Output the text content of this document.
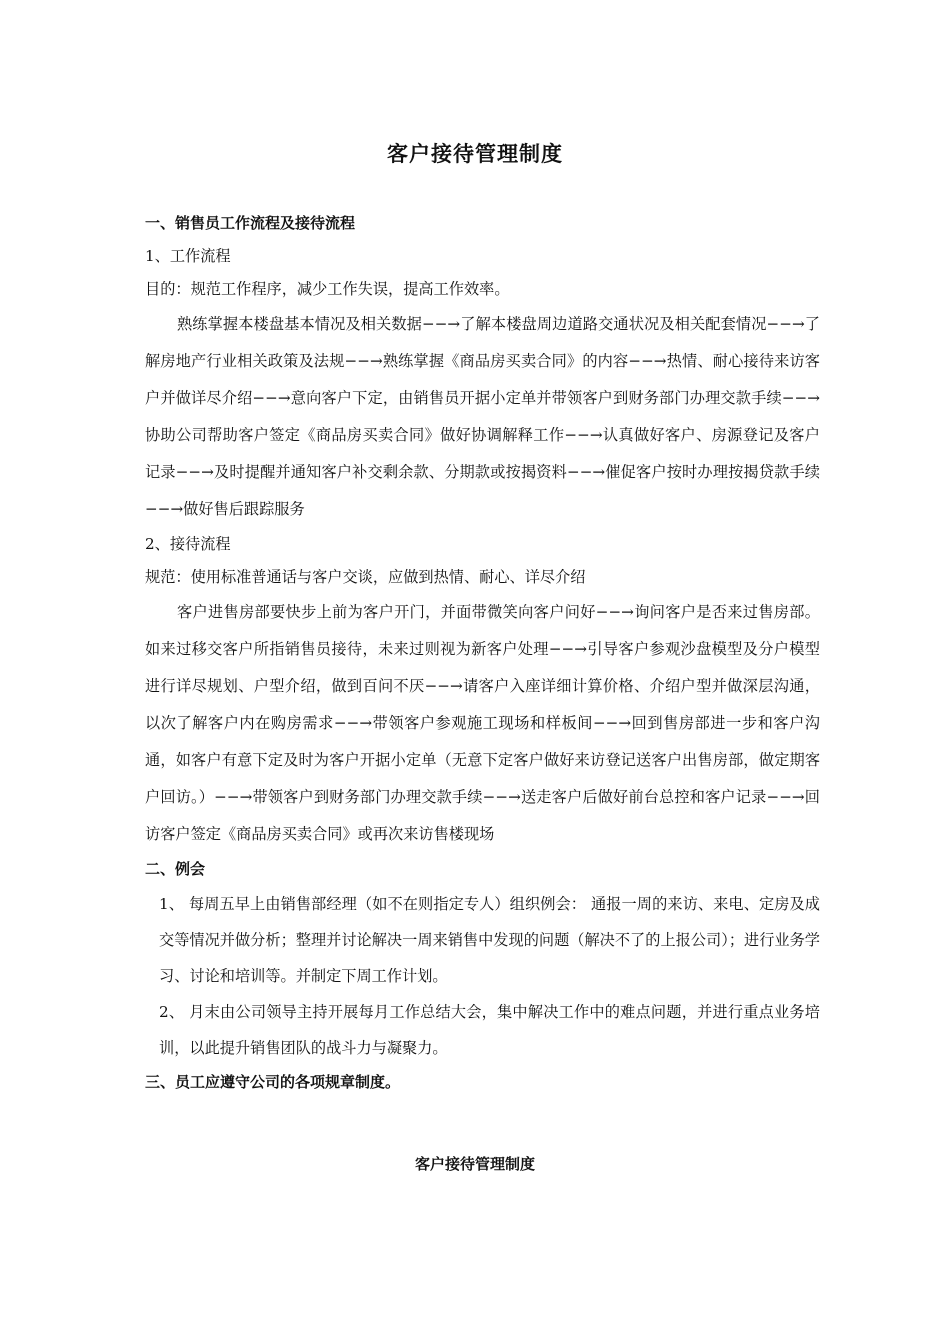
客户接待管理制度
一、销售员工作流程及接待流程
1、工作流程
目的：规范工作程序，减少工作失误，提高工作效率。
熟练掌握本楼盘基本情况及相关数据−−→了解本楼盘周边道路交通状况及相关配套情况−−→了解房地产行业相关政策及法规−−→熟练掌握《商品房买卖合同》的内容−−→热情、耐心接待来访客户并做详尽介绍−−→意向客户下定，由销售员开据小定单并带领客户到财务部门办理交款手续−−→协助公司帮助客户签定《商品房买卖合同》做好协调解释工作−−→认真做好客户、房源登记及客户记录−−→及时提醒并通知客户补交剩余款、分期款或按揭资料−−→催促客户按时办理按揭贷款手续−−→做好售后跟踪服务
2、接待流程
规范：使用标准普通话与客户交谈，应做到热情、耐心、详尽介绍
客户进售房部要快步上前为客户开门，并面带微笑向客户问好−−→询问客户是否来过售房部。如来过移交客户所指销售员接待，未来过则视为新客户处理−−→引导客户参观沙盘模型及分户模型进行详尽规划、户型介绍，做到百问不厌−−→请客户入座详细计算价格、介绍户型并做深层沟通，以次了解客户内在购房需求−−→带领客户参观施工现场和样板间−−→回到售房部进一步和客户沟通，如客户有意下定及时为客户开据小定单（无意下定客户做好来访登记送客户出售房部，做定期客户回访。）−−→带领客户到财务部门办理交款手续−−→送走客户后做好前台总控和客户记录−−→回访客户签定《商品房买卖合同》或再次来访售楼现场
二、例会
1、 每周五早上由销售部经理（如不在则指定专人）组织例会： 通报一周的来访、来电、定房及成交等情况并做分析；整理并讨论解决一周来销售中发现的问题（解决不了的上报公司）；进行业务学习、讨论和培训等。并制定下周工作计划。
2、 月末由公司领导主持开展每月工作总结大会，集中解决工作中的难点问题，并进行重点业务培训，以此提升销售团队的战斗力与凝聚力。
三、员工应遵守公司的各项规章制度。
客户接待管理制度
